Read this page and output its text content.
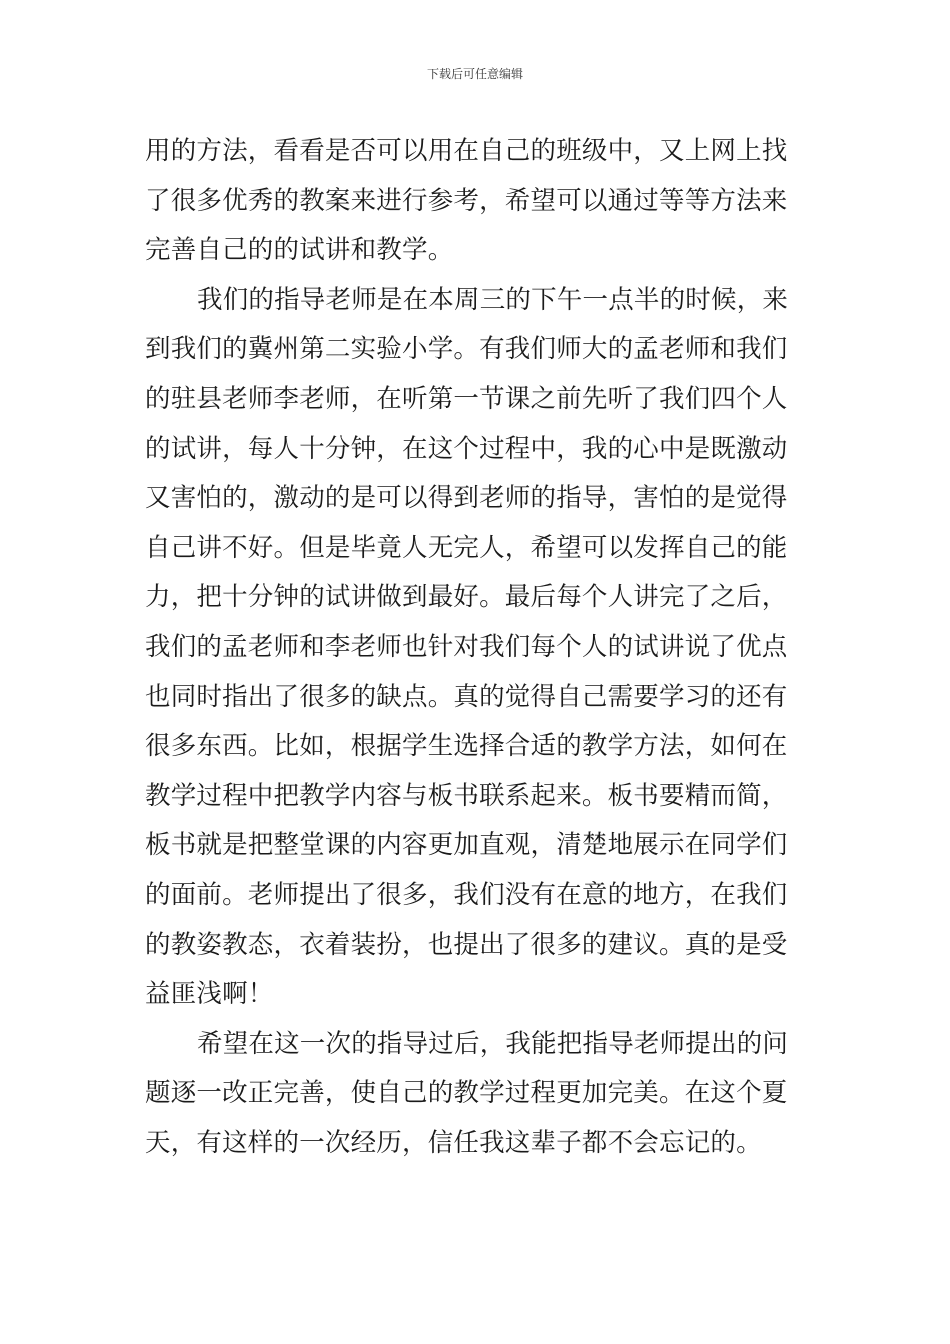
下载后可任意编辑
用的方法，看看是否可以用在自己的班级中，又上网上找
了很多优秀的教案来进行参考，希望可以通过等等方法来
完善自己的的试讲和教学。
我们的指导老师是在本周三的下午一点半的时候，来
到我们的冀州第二实验小学。有我们师大的孟老师和我们
的驻县老师李老师，在听第一节课之前先听了我们四个人
的试讲，每人十分钟，在这个过程中，我的心中是既激动
又害怕的，激动的是可以得到老师的指导，害怕的是觉得
自己讲不好。但是毕竟人无完人，希望可以发挥自己的能
力，把十分钟的试讲做到最好。最后每个人讲完了之后，
我们的孟老师和李老师也针对我们每个人的试讲说了优点
也同时指出了很多的缺点。真的觉得自己需要学习的还有
很多东西。比如，根据学生选择合适的教学方法，如何在
教学过程中把教学内容与板书联系起来。板书要精而简，
板书就是把整堂课的内容更加直观，清楚地展示在同学们
的面前。老师提出了很多，我们没有在意的地方，在我们
的教姿教态，衣着装扮，也提出了很多的建议。真的是受
益匪浅啊！
希望在这一次的指导过后，我能把指导老师提出的问
题逐一改正完善，使自己的教学过程更加完美。在这个夏
天，有这样的一次经历，信任我这辈子都不会忘记的。
